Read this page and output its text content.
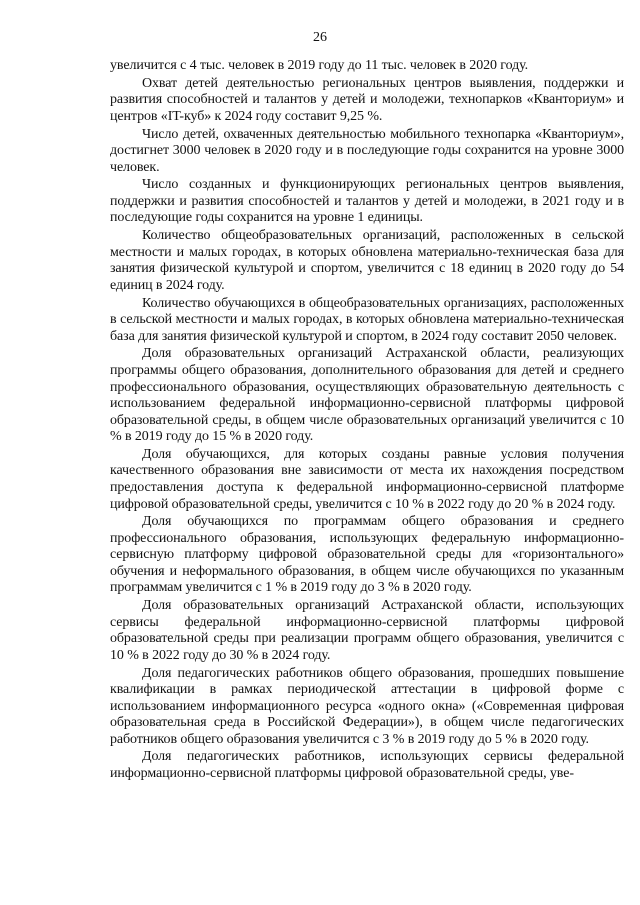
26

увеличится с 4 тыс. человек в 2019 году до 11 тыс. человек в 2020 году.

Охват детей деятельностью региональных центров выявления, поддержки и развития способностей и талантов у детей и молодежи, технопарков «Кванториум» и центров «IT-куб» к 2024 году составит 9,25 %.

Число детей, охваченных деятельностью мобильного технопарка «Кванториум», достигнет 3000 человек в 2020 году и в последующие годы сохранится на уровне 3000 человек.

Число созданных и функционирующих региональных центров выявления, поддержки и развития способностей и талантов у детей и молодежи, в 2021 году и в последующие годы сохранится на уровне 1 единицы.

Количество общеобразовательных организаций, расположенных в сельской местности и малых городах, в которых обновлена материально-техническая база для занятия физической культурой и спортом, увеличится с 18 единиц в 2020 году до 54 единиц в 2024 году.

Количество обучающихся в общеобразовательных организациях, расположенных в сельской местности и малых городах, в которых обновлена материально-техническая база для занятия физической культурой и спортом, в 2024 году составит 2050 человек.

Доля образовательных организаций Астраханской области, реализующих программы общего образования, дополнительного образования для детей и среднего профессионального образования, осуществляющих образовательную деятельность с использованием федеральной информационно-сервисной платформы цифровой образовательной среды, в общем числе образовательных организаций увеличится с 10 % в 2019 году до 15 % в 2020 году.

Доля обучающихся, для которых созданы равные условия получения качественного образования вне зависимости от места их нахождения посредством предоставления доступа к федеральной информационно-сервисной платформе цифровой образовательной среды, увеличится с 10 % в 2022 году до 20 % в 2024 году.

Доля обучающихся по программам общего образования и среднего профессионального образования, использующих федеральную информационно-сервисную платформу цифровой образовательной среды для «горизонтального» обучения и неформального образования, в общем числе обучающихся по указанным программам увеличится с 1 % в 2019 году до 3 % в 2020 году.

Доля образовательных организаций Астраханской области, использующих сервисы федеральной информационно-сервисной платформы цифровой образовательной среды при реализации программ общего образования, увеличится с 10 % в 2022 году до 30 % в 2024 году.

Доля педагогических работников общего образования, прошедших повышение квалификации в рамках периодической аттестации в цифровой форме с использованием информационного ресурса «одного окна» («Современная цифровая образовательная среда в Российской Федерации»), в общем числе педагогических работников общего образования увеличится с 3 % в 2019 году до 5 % в 2020 году.

Доля педагогических работников, использующих сервисы федеральной информационно-сервисной платформы цифровой образовательной среды, уве-
